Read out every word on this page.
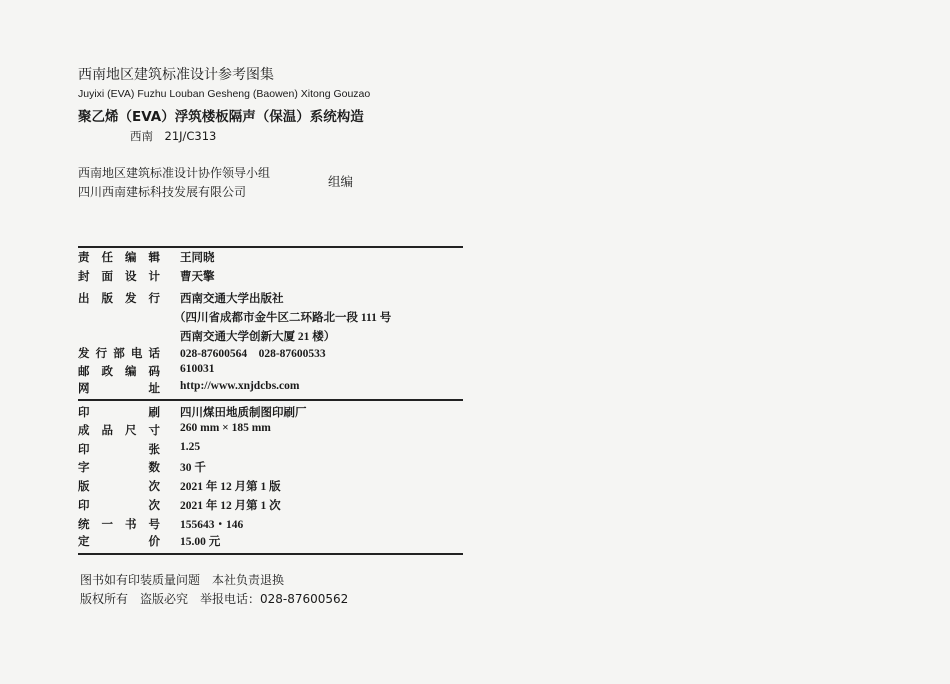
西南地区建筑标准设计参考图集
Juyixi (EVA) Fuzhu Louban Gesheng (Baowen) Xitong Gouzao
聚乙烯（EVA）浮筑楼板隔声（保温）系统构造
西南　21J/C313
西南地区建筑标准设计协作领导小组
四川西南建标科技发展有限公司
组编
责 任 编 辑 王同晓
封 面 设 计 曹天擎
出 版 发 行 西南交通大学出版社
（四川省成都市金牛区二环路北一段 111 号
西南交通大学创新大厦 21 楼）
发 行 部 电 话 028-87600564　028-87600533
邮 政 编 码 610031
网	址 http://www.xnjdcbs.com
印	刷 四川煤田地质制图印刷厂
成 品 尺 寸 260 mm × 185 mm
印	张 1.25
字	数 30 千
版	次 2021 年 12 月第 1 版
印	次 2021 年 12 月第 1 次
统 一 书 号 155643・146
定	价 15.00 元
图书如有印装质量问题　本社负责退换
版权所有　盗版必究　举报电话：028-87600562
